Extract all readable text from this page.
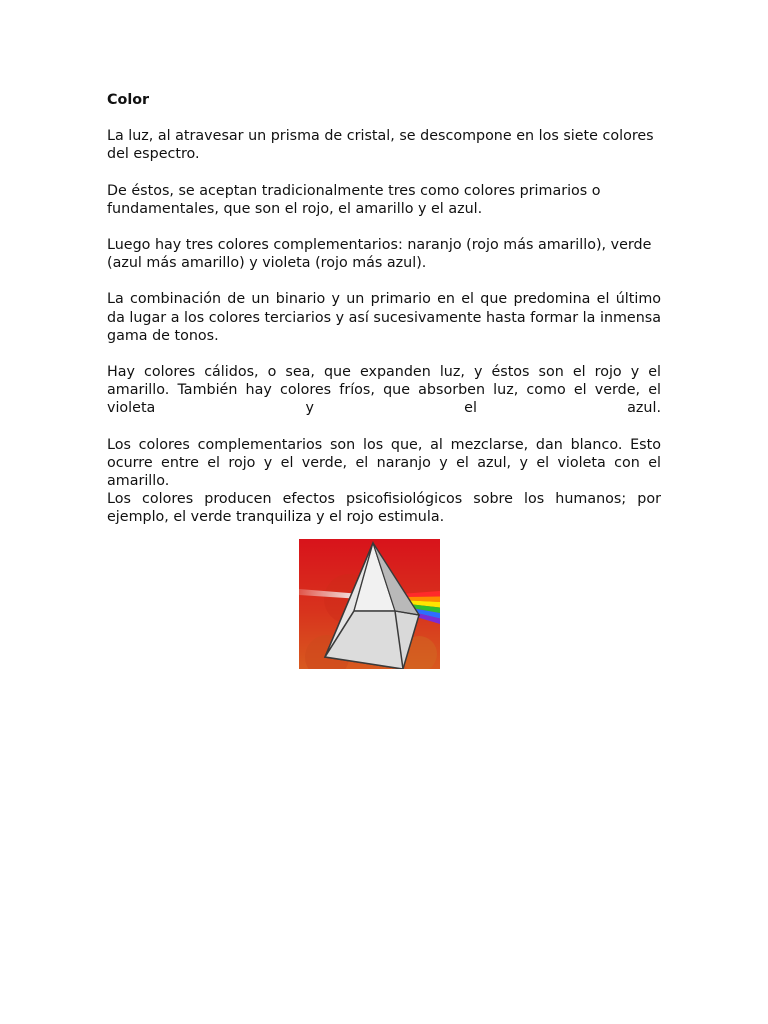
Color

La luz, al atravesar un prisma de cristal, se descompone en los siete colores del espectro.

De éstos, se aceptan tradicionalmente tres como colores primarios o fundamentales, que son el rojo, el amarillo y el azul.

Luego hay tres colores complementarios: naranjo (rojo más amarillo), verde (azul más amarillo) y violeta (rojo más azul).

La combinación de un binario y un primario en el que predomina el último da lugar a los colores terciarios y así sucesivamente hasta formar la inmensa gama de tonos.

Hay colores cálidos, o sea, que expanden luz, y éstos son el rojo y el amarillo. También hay colores fríos, que absorben luz, como el verde, el violeta y el azul.

Los colores complementarios son los que, al mezclarse, dan blanco. Esto ocurre entre el rojo y el verde, el naranjo y el azul, y el violeta con el amarillo.

Los colores producen efectos psicofisiológicos sobre los humanos; por ejemplo, el verde tranquiliza y el rojo estimula.
